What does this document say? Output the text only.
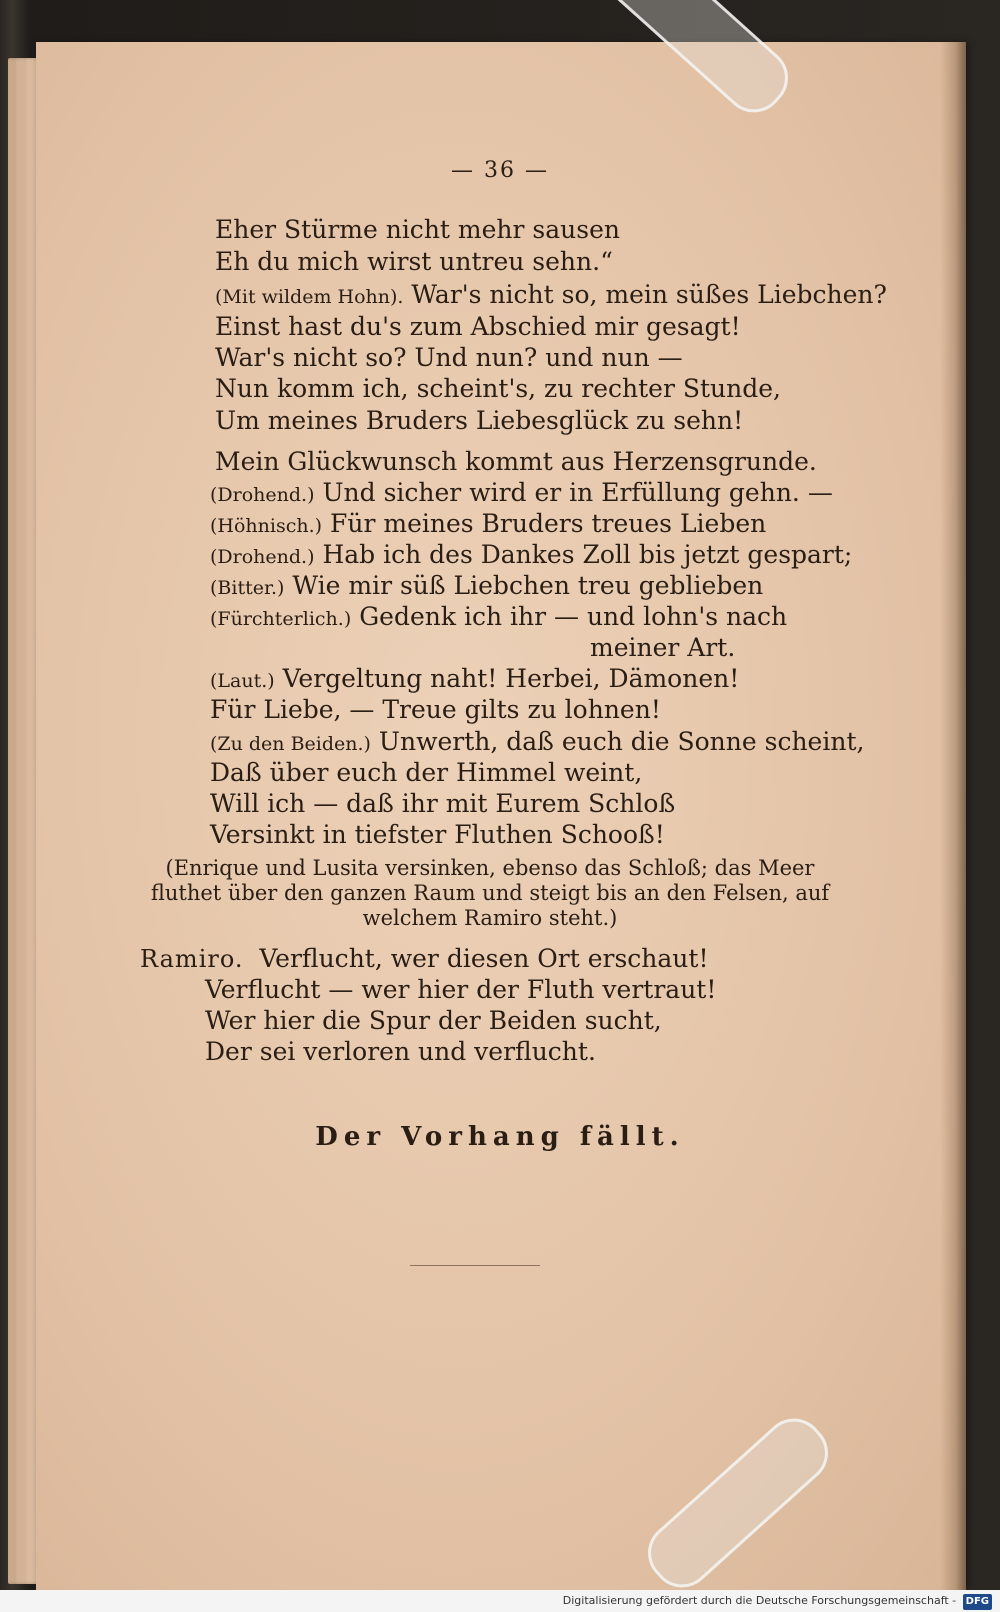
— 36 —
Eher Stürme nicht mehr sausen
Eh du mich wirst untreu sehn.“
(Mit wildem Hohn). War's nicht so, mein süßes Liebchen?
Einst hast du's zum Abschied mir gesagt!
War's nicht so? Und nun? und nun —
Nun komm ich, scheint's, zu rechter Stunde,
Um meines Bruders Liebesglück zu sehn!
Mein Glückwunsch kommt aus Herzensgrunde.
(Drohend.) Und sicher wird er in Erfüllung gehn. —
(Höhnisch.) Für meines Bruders treues Lieben
(Drohend.) Hab ich des Dankes Zoll bis jetzt gespart;
(Bitter.) Wie mir süß Liebchen treu geblieben
(Fürchterlich.) Gedenk ich ihr — und lohn's nach
meiner Art.
(Laut.) Vergeltung naht! Herbei, Dämonen!
Für Liebe, — Treue gilts zu lohnen!
(Zu den Beiden.) Unwerth, daß euch die Sonne scheint,
Daß über euch der Himmel weint,
Will ich — daß ihr mit Eurem Schloß
Versinkt in tiefster Fluthen Schooß!
(Enrique und Lusita versinken, ebenso das Schloß; das Meer
fluthet über den ganzen Raum und steigt bis an den Felsen, auf
welchem Ramiro steht.)
Ramiro. Verflucht, wer diesen Ort erschaut!
Verflucht — wer hier der Fluth vertraut!
Wer hier die Spur der Beiden sucht,
Der sei verloren und verflucht.
Der Vorhang fällt.
Digitalisierung gefördert durch die Deutsche Forschungsgemeinschaft - DFG
